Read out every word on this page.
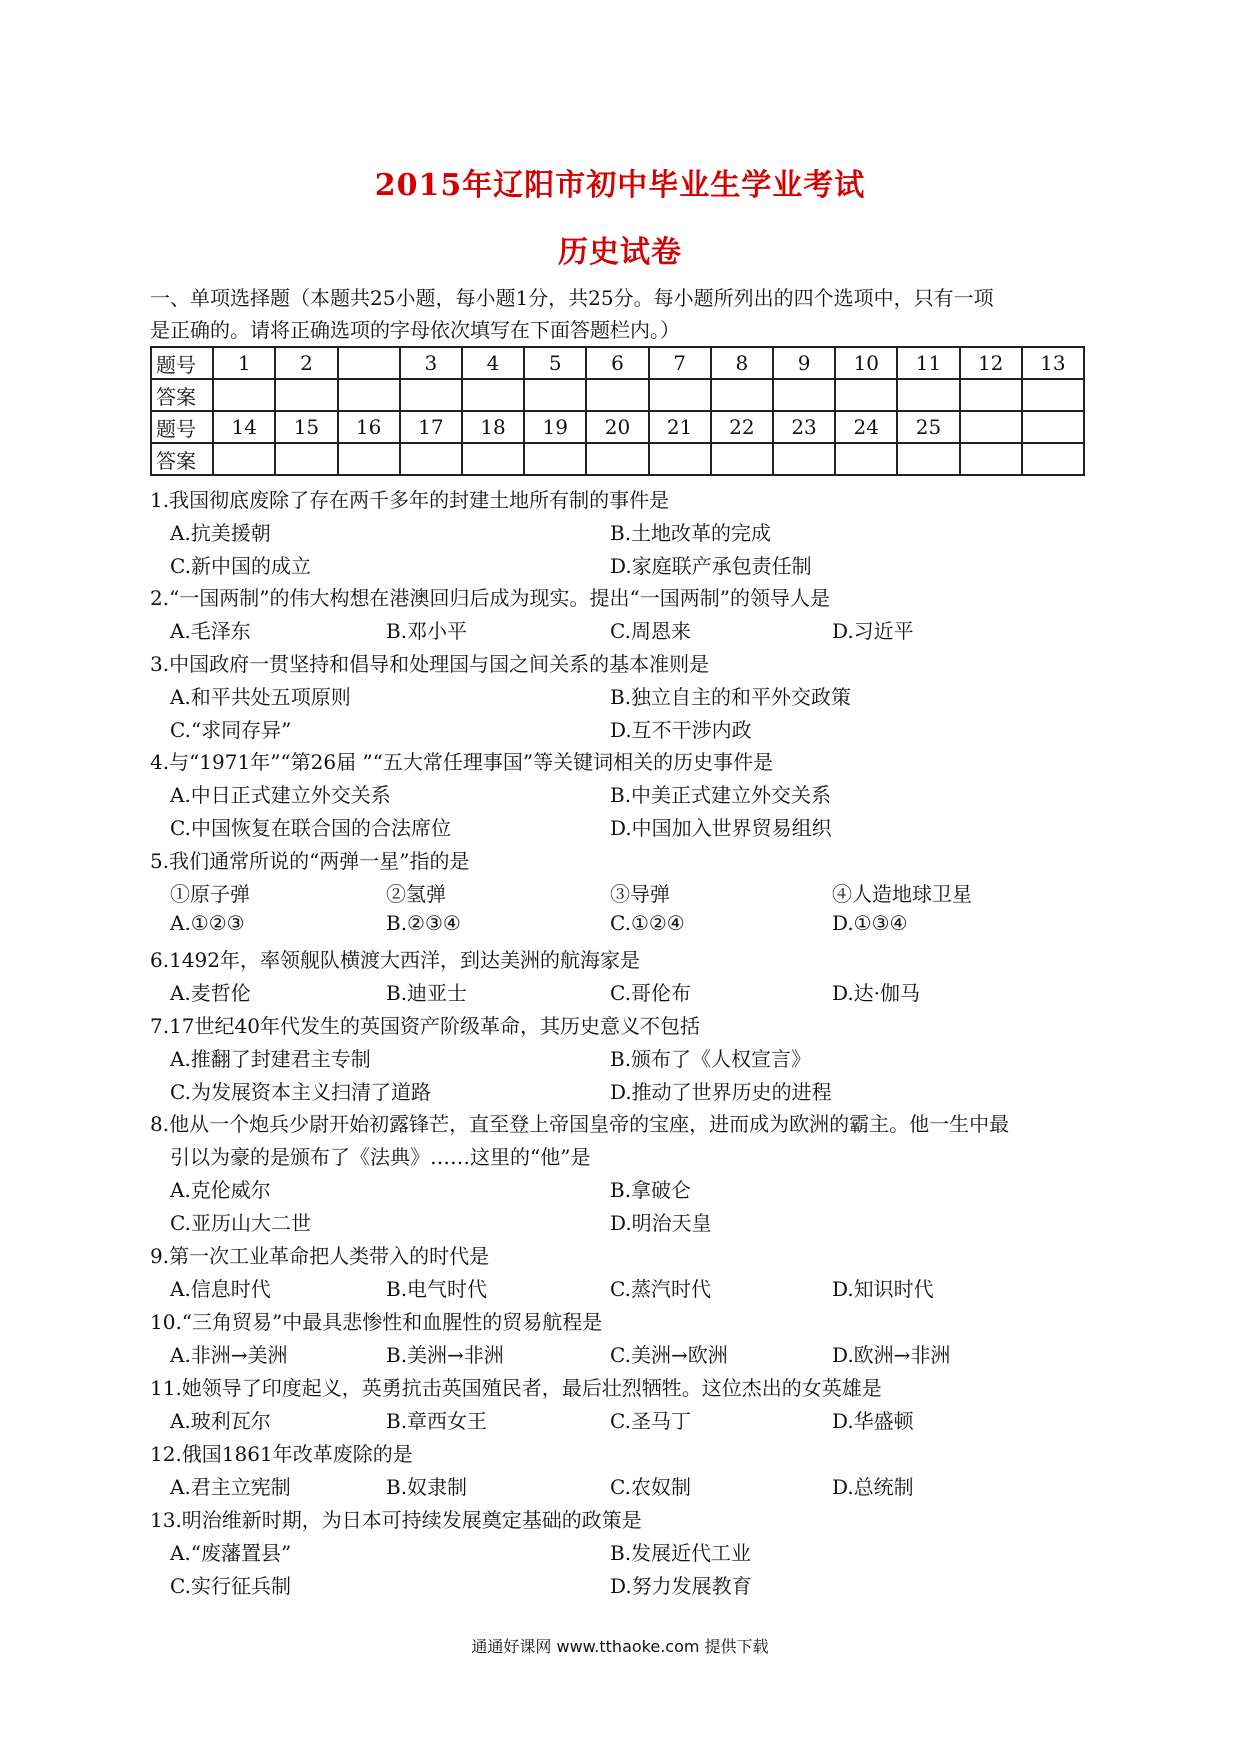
2015年辽阳市初中毕业生学业考试
历史试卷
一、单项选择题（本题共25小题，每小题1分，共25分。每小题所列出的四个选项中，只有一项
是正确的。请将正确选项的字母依次填写在下面答题栏内。）
题号	1	2		3	4	5	6	7	8	9	10	11	12	13
答案														
题号	14	15	16	17	18	19	20	21	22	23	24	25		
答案														
1.我国彻底废除了存在两千多年的封建土地所有制的事件是
A.抗美援朝	B.土地改革的完成
C.新中国的成立	D.家庭联产承包责任制
2.“一国两制”的伟大构想在港澳回归后成为现实。提出“一国两制”的领导人是
A.毛泽东	B.邓小平	C.周恩来	D.习近平
3.中国政府一贯坚持和倡导和处理国与国之间关系的基本准则是
A.和平共处五项原则	B.独立自主的和平外交政策
C.“求同存异”	D.互不干涉内政
4.与“1971年”“第26届 ”“五大常任理事国”等关键词相关的历史事件是
A.中日正式建立外交关系	B.中美正式建立外交关系
C.中国恢复在联合国的合法席位	D.中国加入世界贸易组织
5.我们通常所说的“两弹一星”指的是
①原子弹	②氢弹	③导弹	④人造地球卫星
A.①②③	B.②③④	C.①②④	D.①③④
6.1492年，率领舰队横渡大西洋，到达美洲的航海家是
A.麦哲伦	B.迪亚士	C.哥伦布	D.达·伽马
7.17世纪40年代发生的英国资产阶级革命，其历史意义不包括
A.推翻了封建君主专制	B.颁布了《人权宣言》
C.为发展资本主义扫清了道路	D.推动了世界历史的进程
8.他从一个炮兵少尉开始初露锋芒，直至登上帝国皇帝的宝座，进而成为欧洲的霸主。他一生中最
引以为豪的是颁布了《法典》……这里的“他”是
A.克伦威尔	B.拿破仑
C.亚历山大二世	D.明治天皇
9.第一次工业革命把人类带入的时代是
A.信息时代	B.电气时代	C.蒸汽时代	D.知识时代
10.“三角贸易”中最具悲惨性和血腥性的贸易航程是
A.非洲→美洲	B.美洲→非洲	C.美洲→欧洲	D.欧洲→非洲
11.她领导了印度起义，英勇抗击英国殖民者，最后壮烈牺牲。这位杰出的女英雄是
A.玻利瓦尔	B.章西女王	C.圣马丁	D.华盛顿
12.俄国1861年改革废除的是
A.君主立宪制	B.奴隶制	C.农奴制	D.总统制
13.明治维新时期，为日本可持续发展奠定基础的政策是
A.“废藩置县”	B.发展近代工业
C.实行征兵制	D.努力发展教育
通通好课网 www.tthaoke.com 提供下载
